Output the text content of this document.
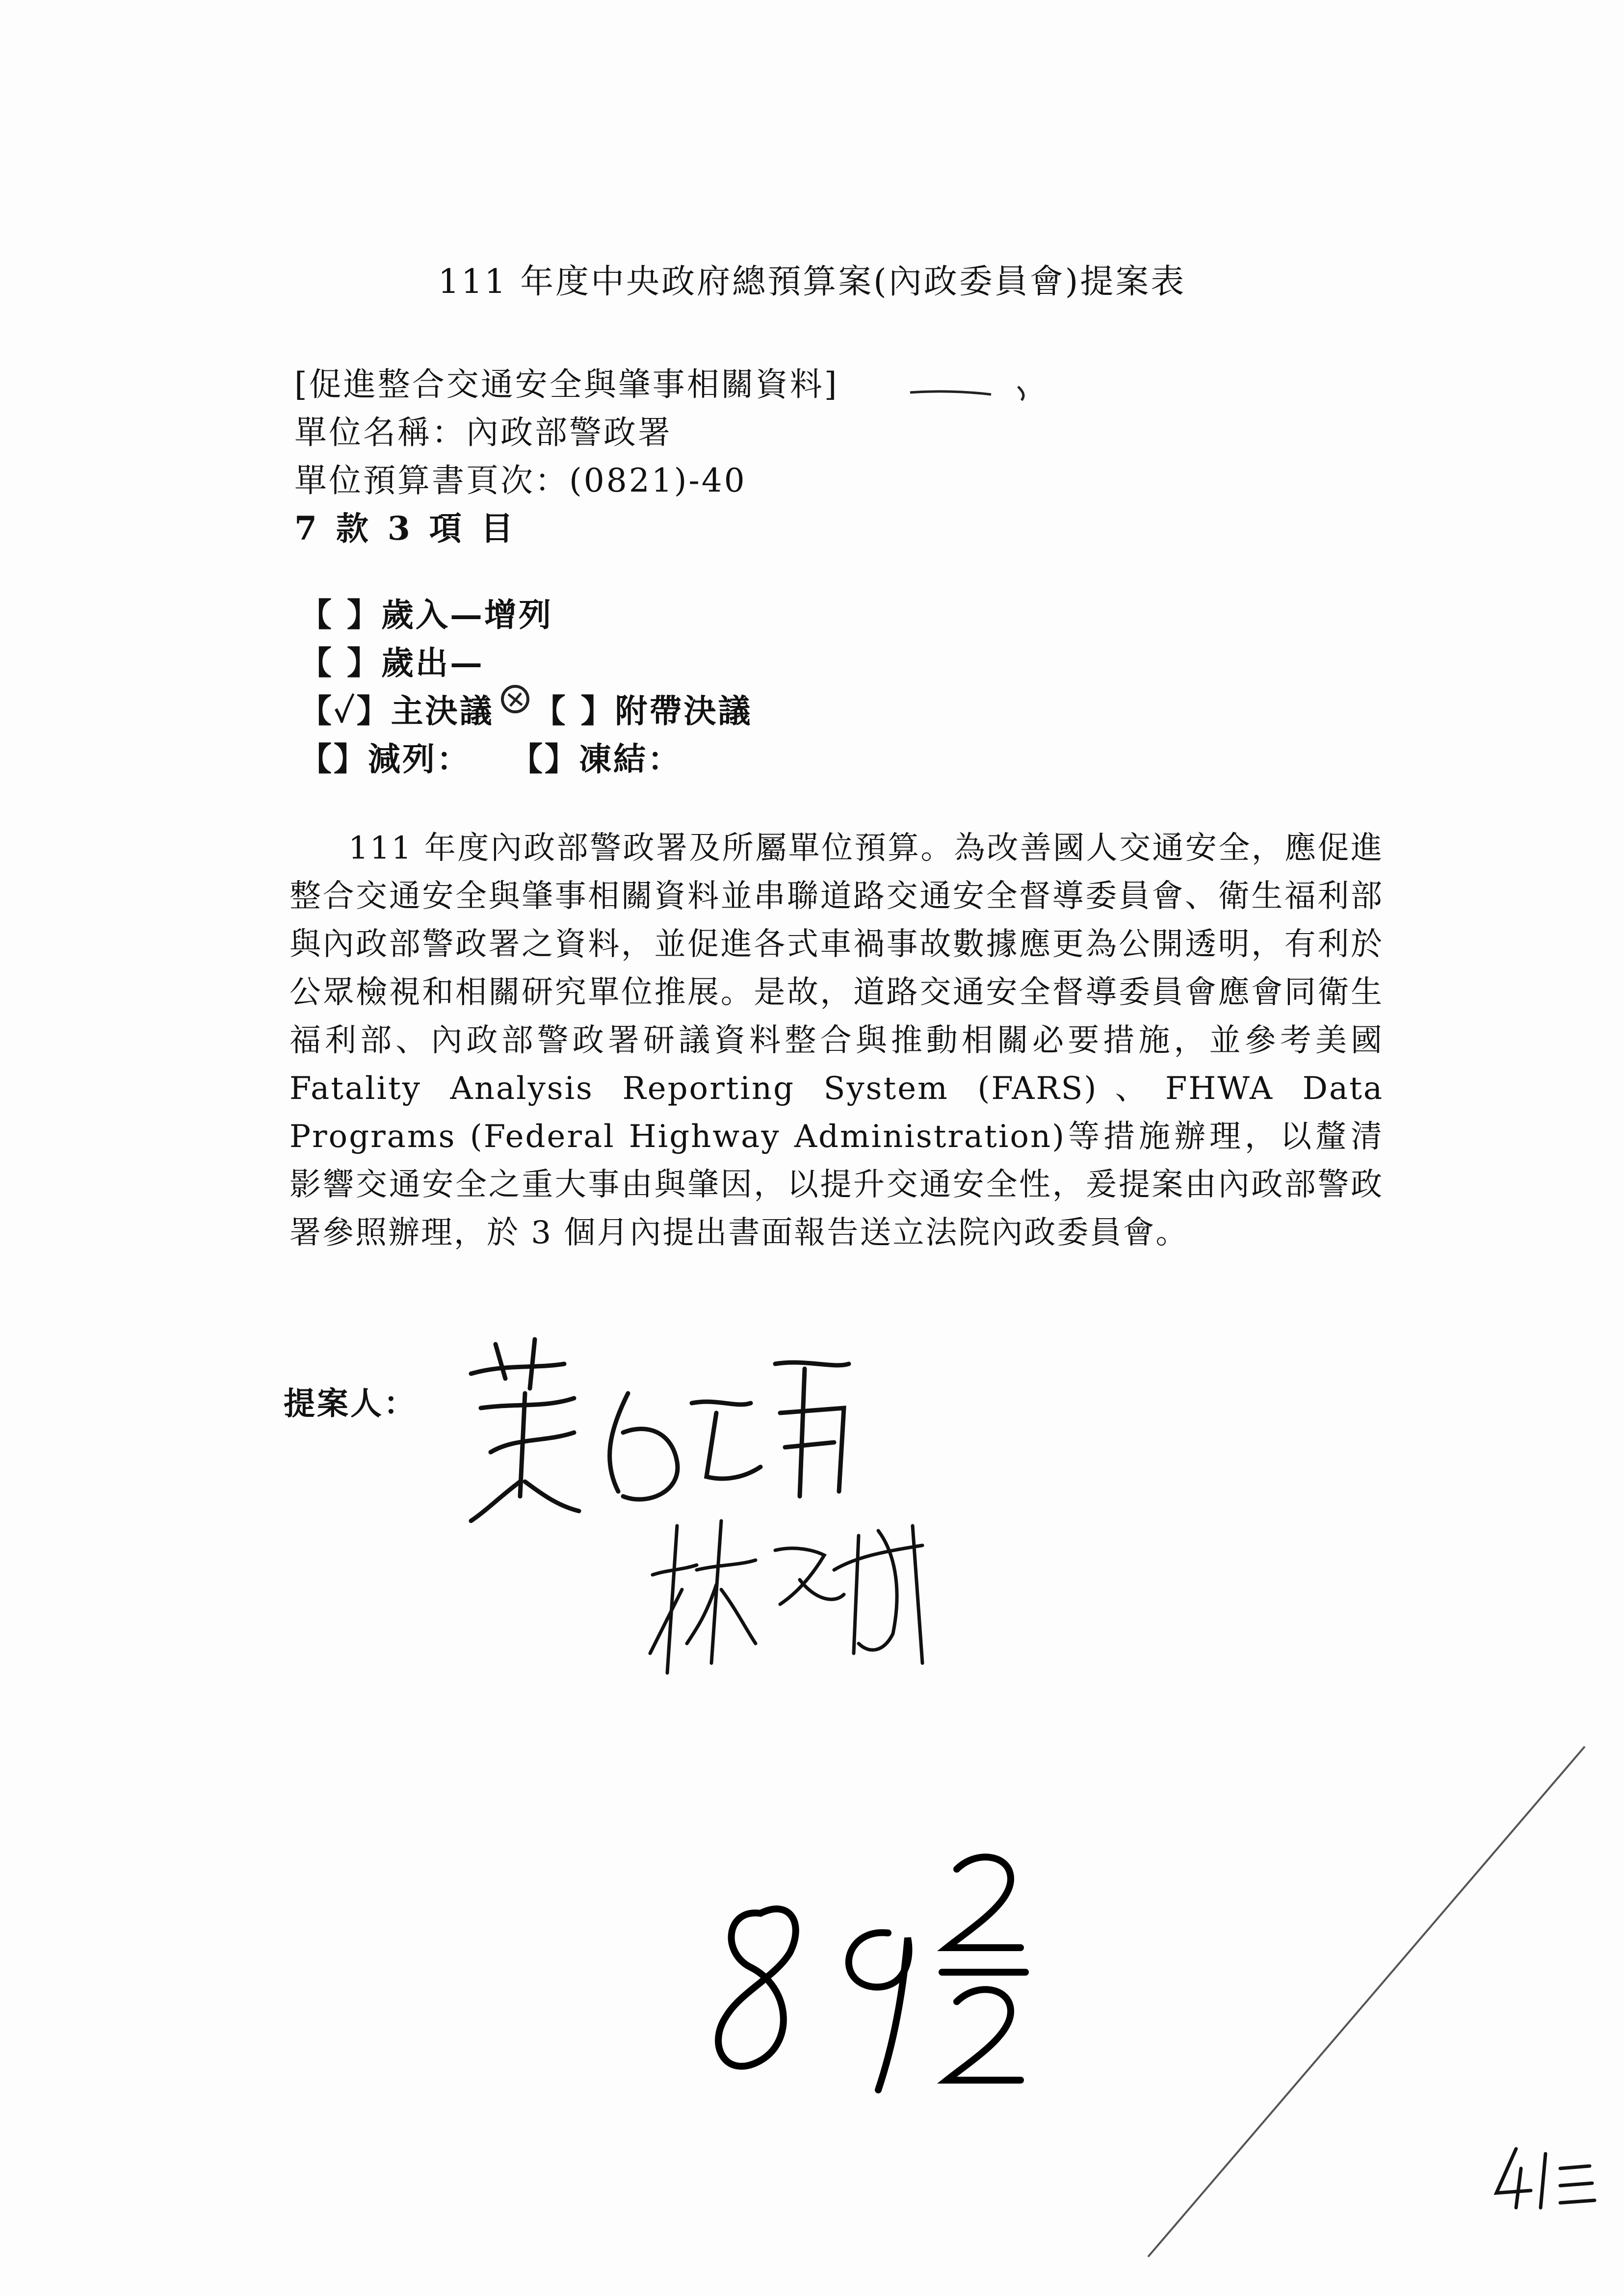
111 年度中央政府總預算案(內政委員會)提案表
[促進整合交通安全與肇事相關資料]
單位名稱：內政部警政署
單位預算書頁次：(0821)-40
7 款 3 項 目
【 】歲入—增列
【 】歲出—
【✓】主決議 【 】附帶決議
【】減列： 【】凍結：
111 年度內政部警政署及所屬單位預算。為改善國人交通安全，應促進整合交通安全與肇事相關資料並串聯道路交通安全督導委員會、衛生福利部與內政部警政署之資料，並促進各式車禍事故數據應更為公開透明，有利於公眾檢視和相關研究單位推展。是故，道路交通安全督導委員會應會同衛生福利部、內政部警政署研議資料整合與推動相關必要措施，並參考美國 Fatality Analysis Reporting System (FARS)、FHWA Data Programs (Federal Highway Administration)等措施辦理，以釐清影響交通安全之重大事由與肇因，以提升交通安全性，爰提案由內政部警政署參照辦理，於 3 個月內提出書面報告送立法院內政委員會。
提案人：
